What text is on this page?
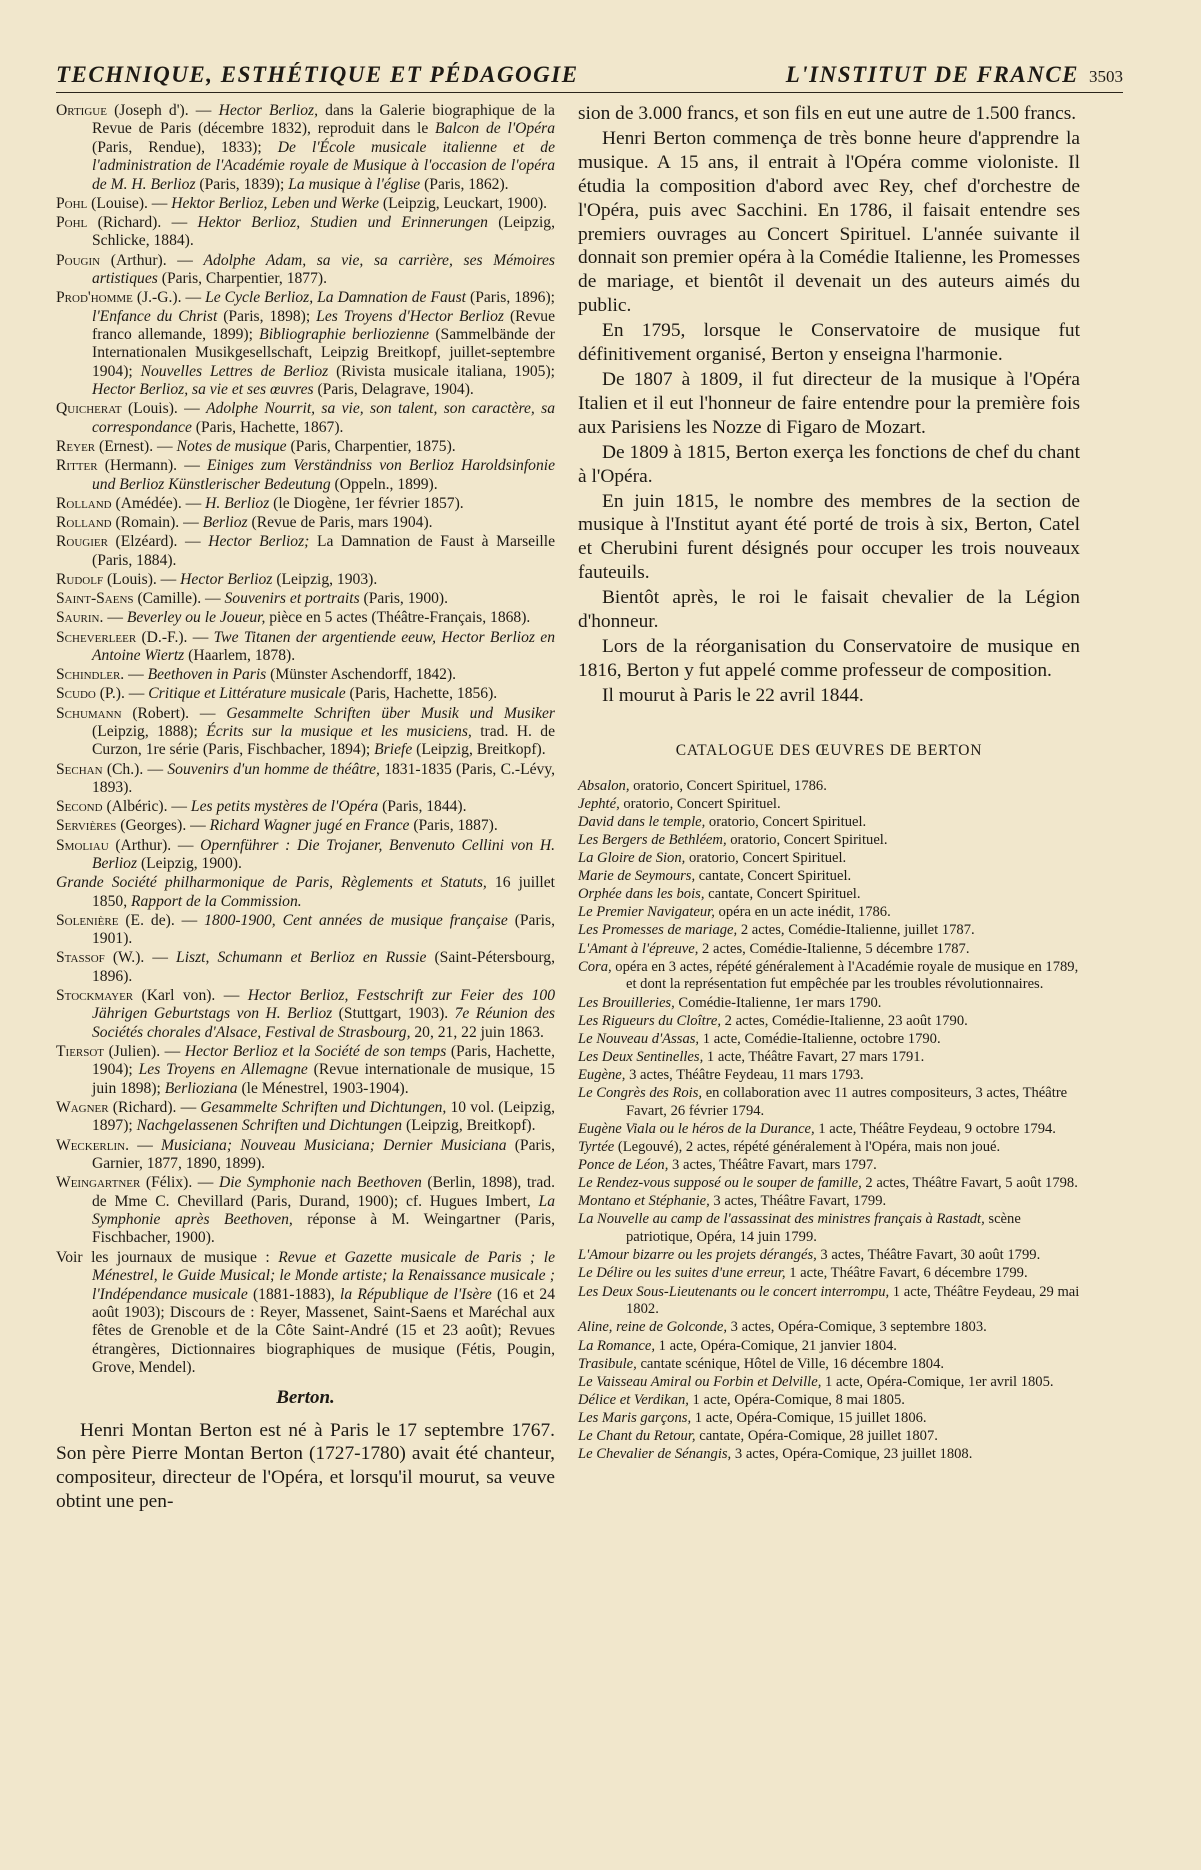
TECHNIQUE, ESTHÉTIQUE ET PÉDAGOGIE	L'INSTITUT DE FRANCE 3503

Ortigue (Joseph d'). — Hector Berlioz, dans la Galerie biographique de la Revue de Paris (décembre 1832), reproduit dans le Balcon de l'Opéra (Paris, Rendue), 1833); De l'École musicale italienne et de l'administration de l'Académie royale de Musique à l'occasion de l'opéra de M. H. Berlioz (Paris, 1839); La musique à l'église (Paris, 1862).

Pohl (Louise). — Hektor Berlioz, Leben und Werke (Leipzig, Leuckart, 1900).

Pohl (Richard). — Hektor Berlioz, Studien und Erinnerungen (Leipzig, Schlicke, 1884).

Pougin (Arthur). — Adolphe Adam, sa vie, sa carrière, ses Mémoires artistiques (Paris, Charpentier, 1877).

Prod'homme (J.-G.). — Le Cycle Berlioz, La Damnation de Faust (Paris, 1896); l'Enfance du Christ (Paris, 1898); Les Troyens d'Hector Berlioz (Revue franco allemande, 1899); Bibliographie berliozienne (Sammelbände der Internationalen Musikgesellschaft, Leipzig Breitkopf, juillet-septembre 1904); Nouvelles Lettres de Berlioz (Rivista musicale italiana, 1905); Hector Berlioz, sa vie et ses œuvres (Paris, Delagrave, 1904).

Quicherat (Louis). — Adolphe Nourrit, sa vie, son talent, son caractère, sa correspondance (Paris, Hachette, 1867).

Reyer (Ernest). — Notes de musique (Paris, Charpentier, 1875).

Ritter (Hermann). — Einiges zum Verständniss von Berlioz Haroldsinfonie und Berlioz Künstlerischer Bedeutung (Oppeln., 1899).

Rolland (Amédée). — H. Berlioz (le Diogène, 1er février 1857).

Rolland (Romain). — Berlioz (Revue de Paris, mars 1904).

Rougier (Elzéard). — Hector Berlioz; La Damnation de Faust à Marseille (Paris, 1884).

Rudolf (Louis). — Hector Berlioz (Leipzig, 1903).

Saint-Saens (Camille). — Souvenirs et portraits (Paris, 1900).

Saurin. — Beverley ou le Joueur, pièce en 5 actes (Théâtre-Français, 1868).

Scheverleer (D.-F.). — Twe Titanen der argentiende eeuw, Hector Berlioz en Antoine Wiertz (Haarlem, 1878).

Schindler. — Beethoven in Paris (Münster Aschendorff, 1842).

Scudo (P.). — Critique et Littérature musicale (Paris, Hachette, 1856).

Schumann (Robert). — Gesammelte Schriften über Musik und Musiker (Leipzig, 1888); Écrits sur la musique et les musiciens, trad. H. de Curzon, 1re série (Paris, Fischbacher, 1894); Briefe (Leipzig, Breitkopf).

Sechan (Ch.). — Souvenirs d'un homme de théâtre, 1831-1835 (Paris, C.-Lévy, 1893).

Second (Albéric). — Les petits mystères de l'Opéra (Paris, 1844).

Servières (Georges). — Richard Wagner jugé en France (Paris, 1887).

Smoliau (Arthur). — Opernführer : Die Trojaner, Benvenuto Cellini von H. Berlioz (Leipzig, 1900).

Grande Société philharmonique de Paris, Règlements et Statuts, 16 juillet 1850, Rapport de la Commission.

Solenière (E. de). — 1800-1900, Cent années de musique française (Paris, 1901).

Stassof (W.). — Liszt, Schumann et Berlioz en Russie (Saint-Pétersbourg, 1896).

Stockmayer (Karl von). — Hector Berlioz, Festschrift zur Feier des 100 Jährigen Geburtstags von H. Berlioz (Stuttgart, 1903). 7e Réunion des Sociétés chorales d'Alsace, Festival de Strasbourg, 20, 21, 22 juin 1863.

Tiersot (Julien). — Hector Berlioz et la Société de son temps (Paris, Hachette, 1904); Les Troyens en Allemagne (Revue internationale de musique, 15 juin 1898); Berlioziana (le Ménestrel, 1903-1904).

Wagner (Richard). — Gesammelte Schriften und Dichtungen, 10 vol. (Leipzig, 1897); Nachgelassenen Schriften und Dichtungen (Leipzig, Breitkopf).

Weckerlin. — Musiciana; Nouveau Musiciana; Dernier Musiciana (Paris, Garnier, 1877, 1890, 1899).

Weingartner (Félix). — Die Symphonie nach Beethoven (Berlin, 1898), trad. de Mme C. Chevillard (Paris, Durand, 1900); cf. Hugues Imbert, La Symphonie après Beethoven, réponse à M. Weingartner (Paris, Fischbacher, 1900).

Voir les journaux de musique : Revue et Gazette musicale de Paris ; le Ménestrel, le Guide Musical; le Monde artiste; la Renaissance musicale ; l'Indépendance musicale (1881-1883), la République de l'Isère (16 et 24 août 1903); Discours de : Reyer, Massenet, Saint-Saens et Maréchal aux fêtes de Grenoble et de la Côte Saint-André (15 et 23 août); Revues étrangères, Dictionnaires biographiques de musique (Fétis, Pougin, Grove, Mendel).

Berton.

Henri Montan Berton est né à Paris le 17 septembre 1767. Son père Pierre Montan Berton (1727-1780) avait été chanteur, compositeur, directeur de l'Opéra, et lorsqu'il mourut, sa veuve obtint une pen-

sion de 3.000 francs, et son fils en eut une autre de 1.500 francs.

Henri Berton commença de très bonne heure d'apprendre la musique. A 15 ans, il entrait à l'Opéra comme violoniste. Il étudia la composition d'abord avec Rey, chef d'orchestre de l'Opéra, puis avec Sacchini. En 1786, il faisait entendre ses premiers ouvrages au Concert Spirituel. L'année suivante il donnait son premier opéra à la Comédie Italienne, les Promesses de mariage, et bientôt il devenait un des auteurs aimés du public.

En 1795, lorsque le Conservatoire de musique fut définitivement organisé, Berton y enseigna l'harmonie.

De 1807 à 1809, il fut directeur de la musique à l'Opéra Italien et il eut l'honneur de faire entendre pour la première fois aux Parisiens les Nozze di Figaro de Mozart.

De 1809 à 1815, Berton exerça les fonctions de chef du chant à l'Opéra.

En juin 1815, le nombre des membres de la section de musique à l'Institut ayant été porté de trois à six, Berton, Catel et Cherubini furent désignés pour occuper les trois nouveaux fauteuils.

Bientôt après, le roi le faisait chevalier de la Légion d'honneur.

Lors de la réorganisation du Conservatoire de musique en 1816, Berton y fut appelé comme professeur de composition.

Il mourut à Paris le 22 avril 1844.

CATALOGUE DES ŒUVRES DE BERTON

Absalon, oratorio, Concert Spirituel, 1786.

Jephté, oratorio, Concert Spirituel.

David dans le temple, oratorio, Concert Spirituel.

Les Bergers de Bethléem, oratorio, Concert Spirituel.

La Gloire de Sion, oratorio, Concert Spirituel.

Marie de Seymours, cantate, Concert Spirituel.

Orphée dans les bois, cantate, Concert Spirituel.

Le Premier Navigateur, opéra en un acte inédit, 1786.

Les Promesses de mariage, 2 actes, Comédie-Italienne, juillet 1787.

L'Amant à l'épreuve, 2 actes, Comédie-Italienne, 5 décembre 1787.

Cora, opéra en 3 actes, répété généralement à l'Académie royale de musique en 1789, et dont la représentation fut empêchée par les troubles révolutionnaires.

Les Brouilleries, Comédie-Italienne, 1er mars 1790.

Les Rigueurs du Cloître, 2 actes, Comédie-Italienne, 23 août 1790.

Le Nouveau d'Assas, 1 acte, Comédie-Italienne, octobre 1790.

Les Deux Sentinelles, 1 acte, Théâtre Favart, 27 mars 1791.

Eugène, 3 actes, Théâtre Feydeau, 11 mars 1793.

Le Congrès des Rois, en collaboration avec 11 autres compositeurs, 3 actes, Théâtre Favart, 26 février 1794.

Eugène Viala ou le héros de la Durance, 1 acte, Théâtre Feydeau, 9 octobre 1794.

Tyrtée (Legouvé), 2 actes, répété généralement à l'Opéra, mais non joué.

Ponce de Léon, 3 actes, Théâtre Favart, mars 1797.

Le Rendez-vous supposé ou le souper de famille, 2 actes, Théâtre Favart, 5 août 1798.

Montano et Stéphanie, 3 actes, Théâtre Favart, 1799.

La Nouvelle au camp de l'assassinat des ministres français à Rastadt, scène patriotique, Opéra, 14 juin 1799.

L'Amour bizarre ou les projets dérangés, 3 actes, Théâtre Favart, 30 août 1799.

Le Délire ou les suites d'une erreur, 1 acte, Théâtre Favart, 6 décembre 1799.

Les Deux Sous-Lieutenants ou le concert interrompu, 1 acte, Théâtre Feydeau, 29 mai 1802.

Aline, reine de Golconde, 3 actes, Opéra-Comique, 3 septembre 1803.

La Romance, 1 acte, Opéra-Comique, 21 janvier 1804.

Trasibule, cantate scénique, Hôtel de Ville, 16 décembre 1804.

Le Vaisseau Amiral ou Forbin et Delville, 1 acte, Opéra-Comique, 1er avril 1805.

Délice et Verdikan, 1 acte, Opéra-Comique, 8 mai 1805.

Les Maris garçons, 1 acte, Opéra-Comique, 15 juillet 1806.

Le Chant du Retour, cantate, Opéra-Comique, 28 juillet 1807.

Le Chevalier de Sénangis, 3 actes, Opéra-Comique, 23 juillet 1808.
